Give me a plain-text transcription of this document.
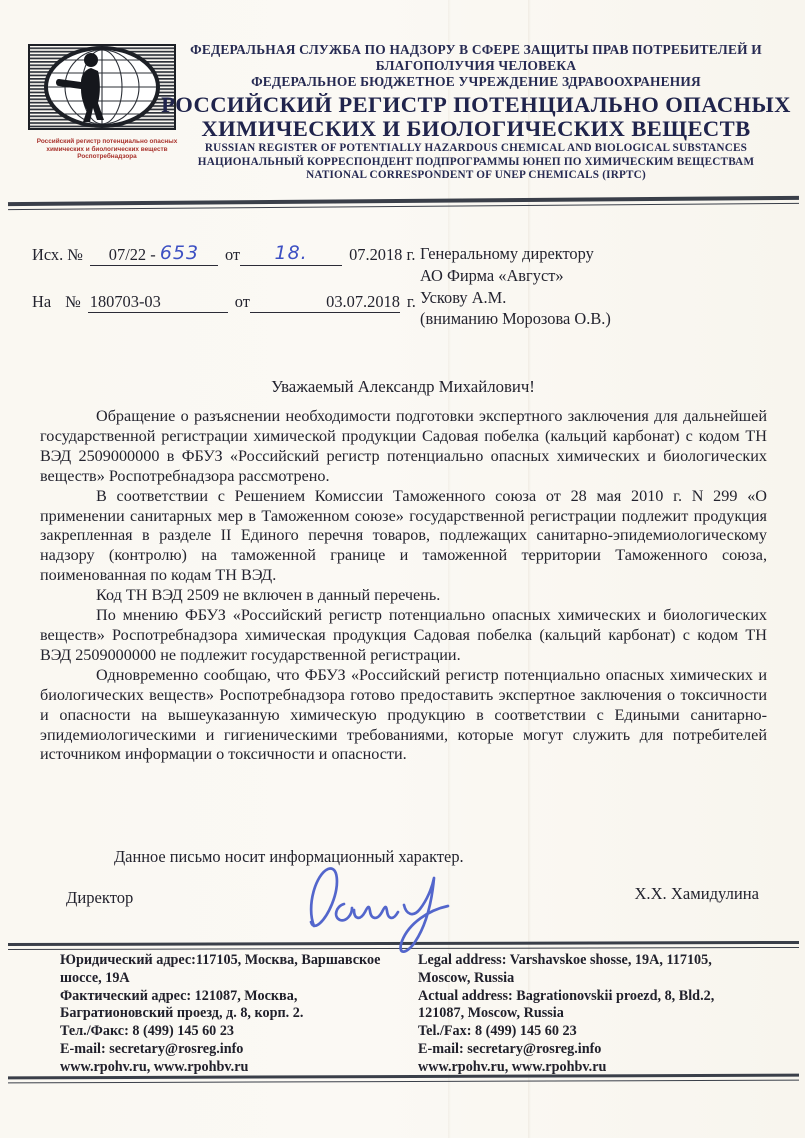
Российский регистр потенциально опасных
химических и биологических веществ
Роспотребнадзора
ФЕДЕРАЛЬНАЯ СЛУЖБА ПО НАДЗОРУ В СФЕРЕ ЗАЩИТЫ ПРАВ ПОТРЕБИТЕЛЕЙ И
БЛАГОПОЛУЧИЯ ЧЕЛОВЕКА
ФЕДЕРАЛЬНОЕ БЮДЖЕТНОЕ УЧРЕЖДЕНИЕ ЗДРАВООХРАНЕНИЯ
РОССИЙСКИЙ РЕГИСТР ПОТЕНЦИАЛЬНО ОПАСНЫХ
ХИМИЧЕСКИХ И БИОЛОГИЧЕСКИХ ВЕЩЕСТВ
RUSSIAN REGISTER OF POTENTIALLY HAZARDOUS CHEMICAL AND BIOLOGICAL SUBSTANCES
НАЦИОНАЛЬНЫЙ КОРРЕСПОНДЕНТ ПОДПРОГРАММЫ ЮНЕП ПО ХИМИЧЕСКИМ ВЕЩЕСТВАМ
NATIONAL CORRESPONDENT OF UNEP CHEMICALS (IRPTC)
Исх. №	07/22 - 653	от	18.	07.2018 г.
На № 180703-03	от	03.07.2018 г.
Генеральному директору
АО Фирма «Август»
Ускову А.М.
(вниманию Морозова О.В.)
Уважаемый Александр Михайлович!

Обращение о разъяснении необходимости подготовки экспертного заключения для дальнейшей государственной регистрации химической продукции Садовая побелка (кальций карбонат) с кодом ТН ВЭД 2509000000 в ФБУЗ «Российский регистр потенциально опасных химических и биологических веществ» Роспотребнадзора рассмотрено.

В соответствии с Решением Комиссии Таможенного союза от 28 мая 2010 г. N 299 «О применении санитарных мер в Таможенном союзе» государственной регистрации подлежит продукция закрепленная в разделе II Единого перечня товаров, подлежащих санитарно-эпидемиологическому надзору (контролю) на таможенной границе и таможенной территории Таможенного союза, поименованная по кодам ТН ВЭД.

Код ТН ВЭД 2509 не включен в данный перечень.

По мнению ФБУЗ «Российский регистр потенциально опасных химических и биологических веществ» Роспотребнадзора химическая продукция Садовая побелка (кальций карбонат) с кодом ТН ВЭД 2509000000 не подлежит государственной регистрации.

Одновременно сообщаю, что ФБУЗ «Российский регистр потенциально опасных химических и биологических веществ» Роспотребнадзора готово предоставить экспертное заключения о токсичности и опасности на вышеуказанную химическую продукцию в соответствии с Едиными санитарно-эпидемиологическими и гигиеническими требованиями, которые могут служить для потребителей источником информации о токсичности и опасности.

Данное письмо носит информационный характер.

Директор	Х.Х. Хамидулина
Юридический адрес:117105, Москва, Варшавское
шоссе, 19А
Фактический адрес: 121087, Москва,
Багратионовский проезд, д. 8, корп. 2.
Тел./Факс: 8 (499) 145 60 23
E-mail: secretary@rosreg.info
www.rpohv.ru, www.rpohbv.ru
Legal address: Varshavskoe shosse, 19A, 117105,
Moscow, Russia
Actual address: Bagrationovskii proezd, 8, Bld.2,
121087, Moscow, Russia
Tel./Fax: 8 (499) 145 60 23
E-mail: secretary@rosreg.info
www.rpohv.ru, www.rpohbv.ru
